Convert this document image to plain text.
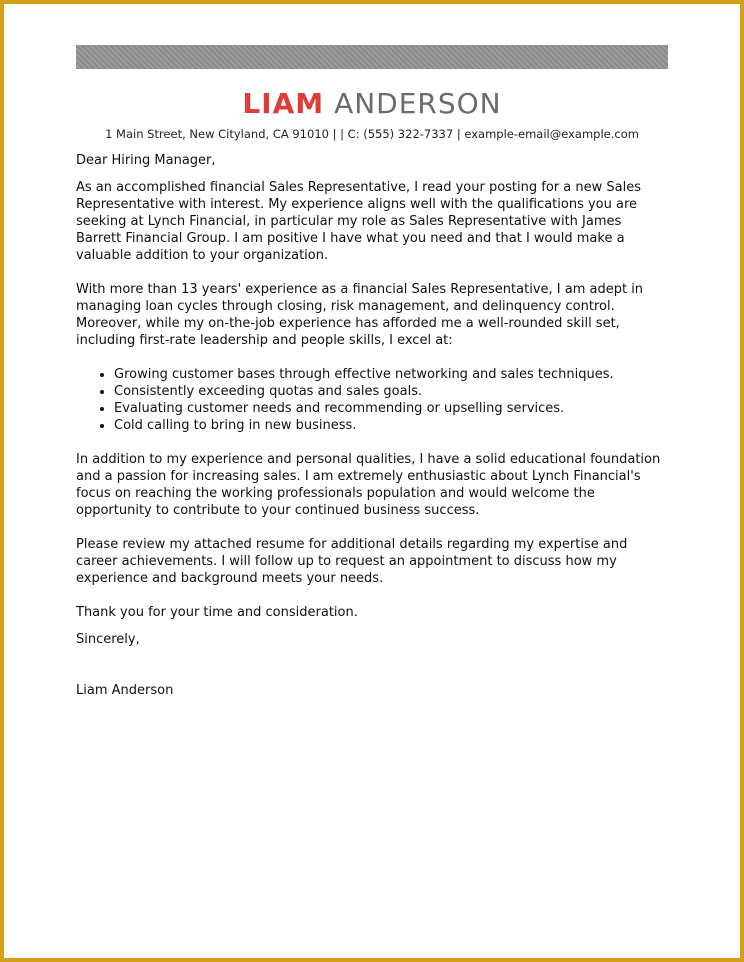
LIAM ANDERSON
1 Main Street, New Cityland, CA 91010 | | C: (555) 322-7337 | example-email@example.com

Dear Hiring Manager,

As an accomplished financial Sales Representative, I read your posting for a new Sales Representative with interest. My experience aligns well with the qualifications you are seeking at Lynch Financial, in particular my role as Sales Representative with James Barrett Financial Group. I am positive I have what you need and that I would make a valuable addition to your organization.

With more than 13 years' experience as a financial Sales Representative, I am adept in managing loan cycles through closing, risk management, and delinquency control. Moreover, while my on-the-job experience has afforded me a well-rounded skill set, including first-rate leadership and people skills, I excel at:

• Growing customer bases through effective networking and sales techniques.
• Consistently exceeding quotas and sales goals.
• Evaluating customer needs and recommending or upselling services.
• Cold calling to bring in new business.

In addition to my experience and personal qualities, I have a solid educational foundation and a passion for increasing sales. I am extremely enthusiastic about Lynch Financial's focus on reaching the working professionals population and would welcome the opportunity to contribute to your continued business success.

Please review my attached resume for additional details regarding my expertise and career achievements. I will follow up to request an appointment to discuss how my experience and background meets your needs.

Thank you for your time and consideration.

Sincerely,

Liam Anderson
